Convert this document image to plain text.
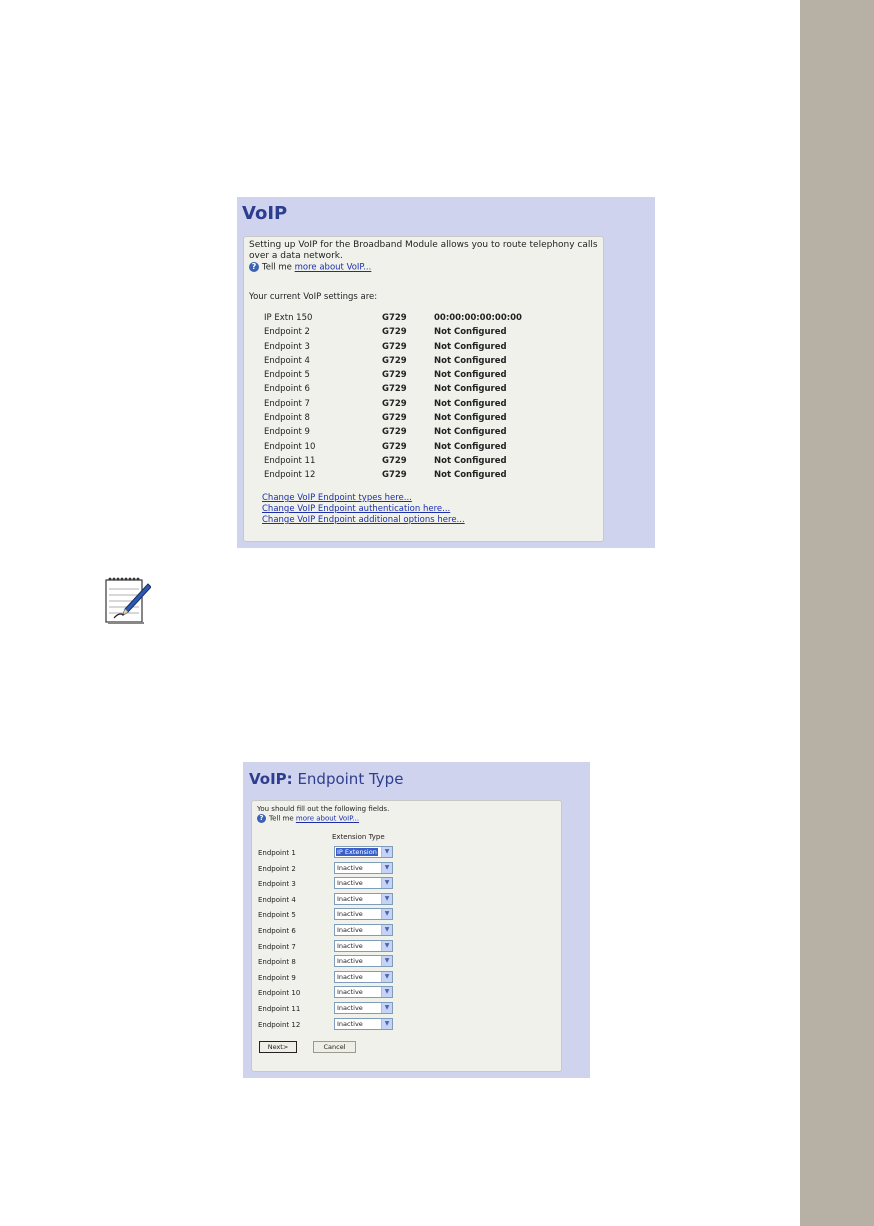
VoIP
Setting up VoIP for the Broadband Module allows you to route telephony calls over a data network.
? Tell me more about VoIP...
Your current VoIP settings are:
IP Extn 150	G729	00:00:00:00:00:00
Endpoint 2	G729	Not Configured
Endpoint 3	G729	Not Configured
Endpoint 4	G729	Not Configured
Endpoint 5	G729	Not Configured
Endpoint 6	G729	Not Configured
Endpoint 7	G729	Not Configured
Endpoint 8	G729	Not Configured
Endpoint 9	G729	Not Configured
Endpoint 10	G729	Not Configured
Endpoint 11	G729	Not Configured
Endpoint 12	G729	Not Configured
Change VoIP Endpoint types here...
Change VoIP Endpoint authentication here...
Change VoIP Endpoint additional options here...
VoIP: Endpoint Type
You should fill out the following fields.
? Tell me more about VoIP...
Extension Type
Endpoint 1	IP Extension	▼
Endpoint 2	Inactive	▼
Endpoint 3	Inactive	▼
Endpoint 4	Inactive	▼
Endpoint 5	Inactive	▼
Endpoint 6	Inactive	▼
Endpoint 7	Inactive	▼
Endpoint 8	Inactive	▼
Endpoint 9	Inactive	▼
Endpoint 10	Inactive	▼
Endpoint 11	Inactive	▼
Endpoint 12	Inactive	▼
Next>	Cancel
